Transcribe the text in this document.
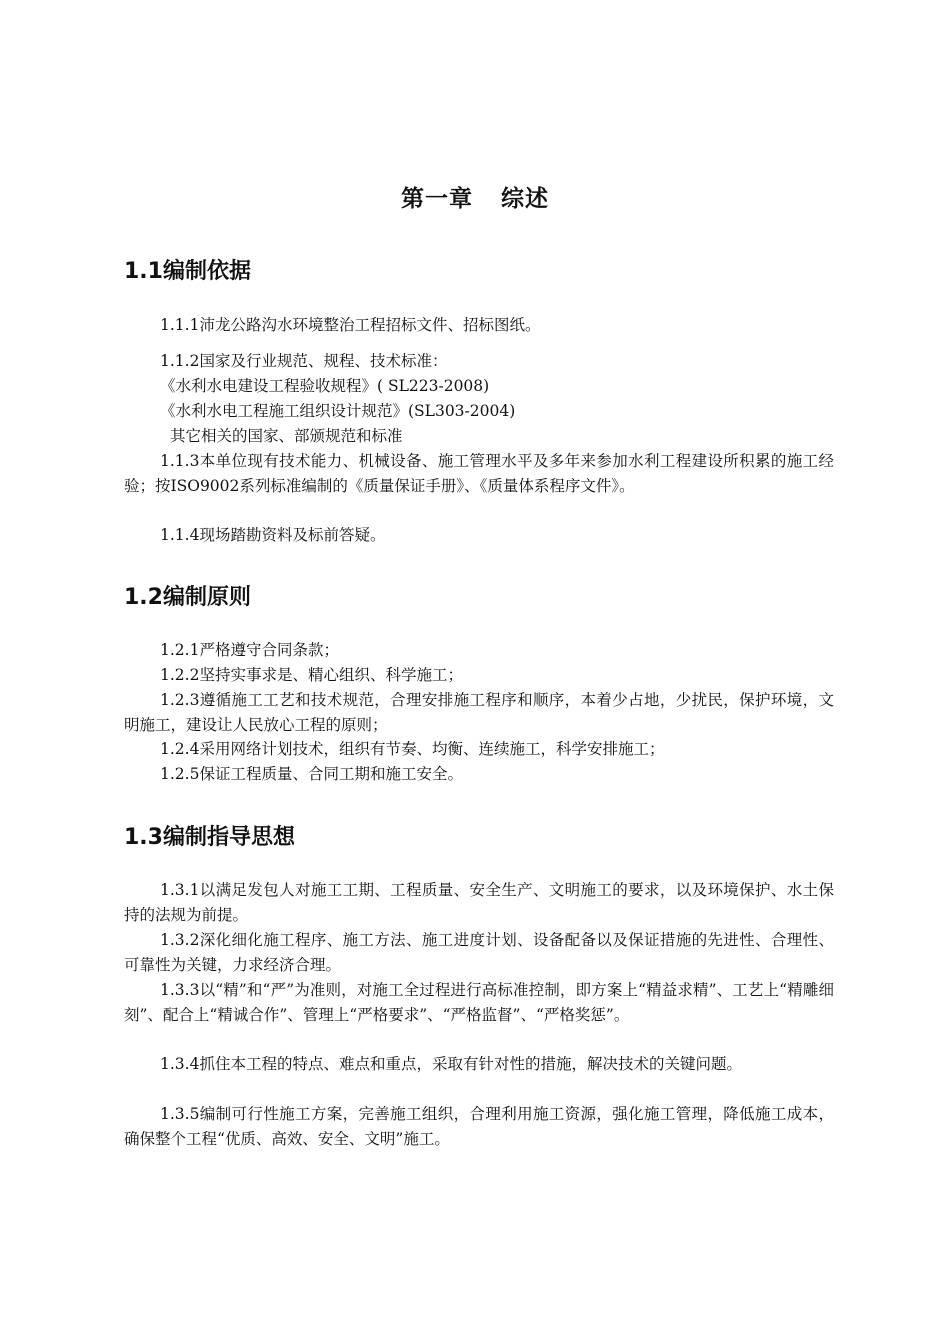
第一章 综述
1.1编制依据
1.1.1沛龙公路沟水环境整治工程招标文件、招标图纸。
1.1.2国家及行业规范、规程、技术标准：
《水利水电建设工程验收规程》( SL223-2008)
《水利水电工程施工组织设计规范》(SL303-2004)
其它相关的国家、部颁规范和标准
1.1.3本单位现有技术能力、机械设备、施工管理水平及多年来参加水利工程建设所积累的施工经验；按ISO9002系列标准编制的《质量保证手册》、《质量体系程序文件》。
1.1.4现场踏勘资料及标前答疑。
1.2编制原则
1.2.1严格遵守合同条款；
1.2.2坚持实事求是、精心组织、科学施工；
1.2.3遵循施工工艺和技术规范，合理安排施工程序和顺序，本着少占地，少扰民，保护环境，文明施工，建设让人民放心工程的原则；
1.2.4采用网络计划技术，组织有节奏、均衡、连续施工，科学安排施工；
1.2.5保证工程质量、合同工期和施工安全。
1.3编制指导思想
1.3.1以满足发包人对施工工期、工程质量、安全生产、文明施工的要求，以及环境保护、水土保持的法规为前提。
1.3.2深化细化施工程序、施工方法、施工进度计划、设备配备以及保证措施的先进性、合理性、可靠性为关键，力求经济合理。
1.3.3以“精”和“严”为准则，对施工全过程进行高标准控制，即方案上“精益求精”、工艺上“精雕细刻”、配合上“精诚合作”、管理上“严格要求”、“严格监督”、“严格奖惩”。
1.3.4抓住本工程的特点、难点和重点，采取有针对性的措施，解决技术的关键问题。
1.3.5编制可行性施工方案，完善施工组织，合理利用施工资源，强化施工管理，降低施工成本，确保整个工程“优质、高效、安全、文明”施工。
